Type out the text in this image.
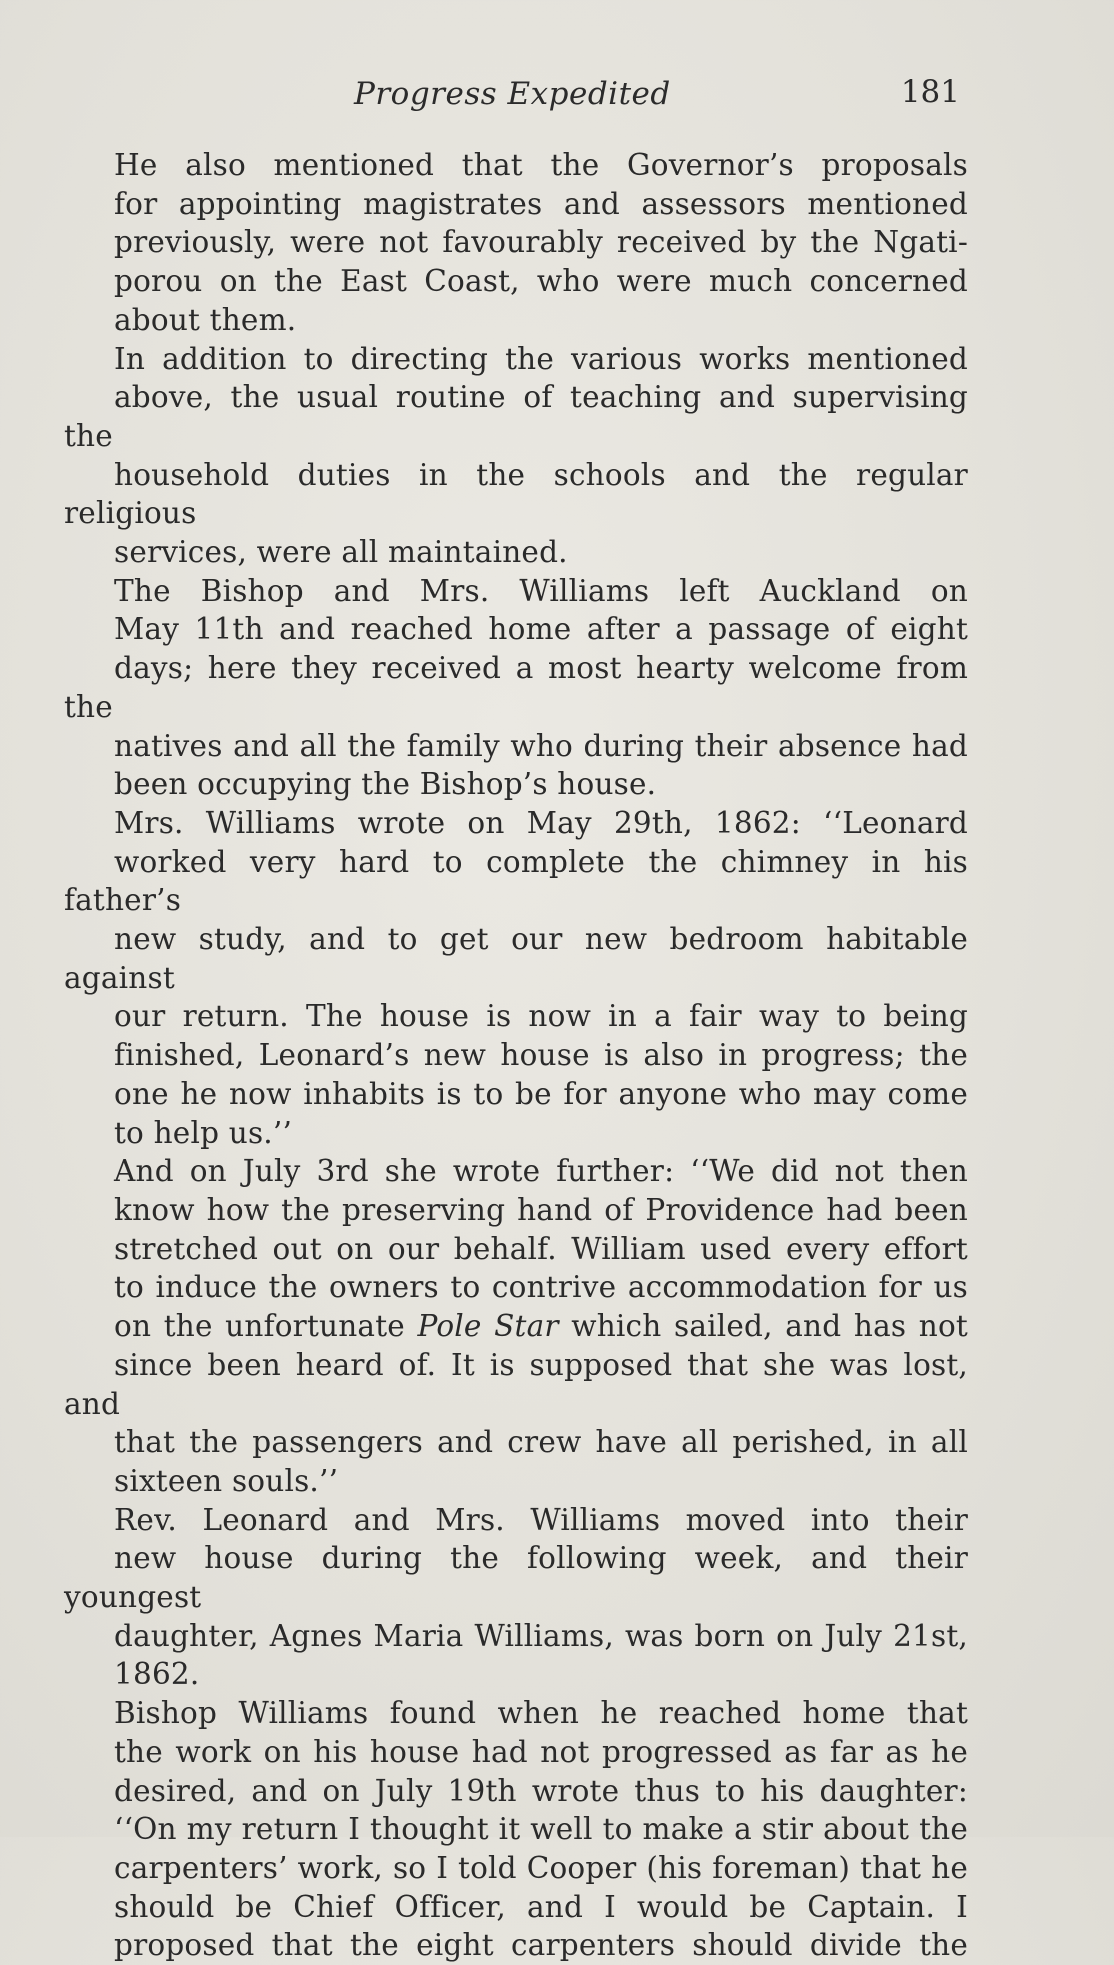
Progress Expedited	181

He also mentioned that the Governor’s proposals
for appointing magistrates and assessors mentioned
previously, were not favourably received by the Ngati-
porou on the East Coast, who were much concerned
about them.

In addition to directing the various works mentioned
above, the usual routine of teaching and supervising the
household duties in the schools and the regular religious
services, were all maintained.

The Bishop and Mrs. Williams left Auckland on
May 11th and reached home after a passage of eight
days; here they received a most hearty welcome from the
natives and all the family who during their absence had
been occupying the Bishop’s house.

Mrs. Williams wrote on May 29th, 1862: ‘‘Leonard
worked very hard to complete the chimney in his father’s
new study, and to get our new bedroom habitable against
our return. The house is now in a fair way to being
finished, Leonard’s new house is also in progress; the
one he now inhabits is to be for anyone who may come
to help us.’’

And on July 3rd she wrote further: ‘‘We did not then
know how the preserving hand of Providence had been
stretched out on our behalf. William used every effort
to induce the owners to contrive accommodation for us
on the unfortunate Pole Star which sailed, and has not
since been heard of. It is supposed that she was lost, and
that the passengers and crew have all perished, in all
sixteen souls.’’

Rev. Leonard and Mrs. Williams moved into their
new house during the following week, and their youngest
daughter, Agnes Maria Williams, was born on July 21st,
1862.

Bishop Williams found when he reached home that
the work on his house had not progressed as far as he
desired, and on July 19th wrote thus to his daughter:
‘‘On my return I thought it well to make a stir about the
carpenters’ work, so I told Cooper (his foreman) that he
should be Chief Officer, and I would be Captain. I
proposed that the eight carpenters should divide the
